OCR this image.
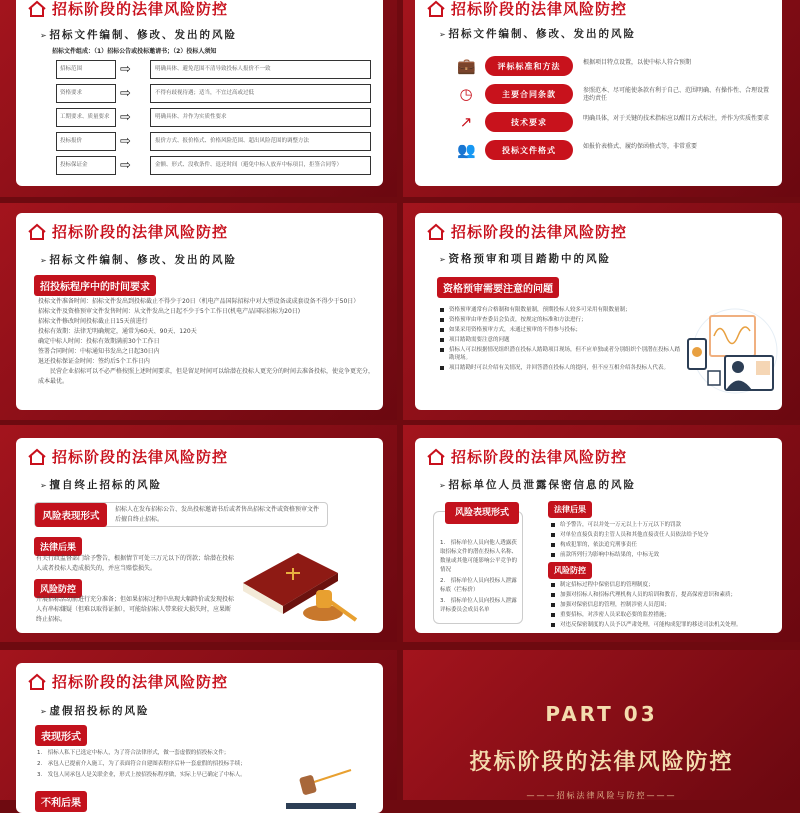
招标阶段的法律风险防控
➢ 招标文件编制、修改、发出的风险
招标文件组成：（1）招标公告或投标邀请书；（2）投标人须知
招标范围	⇨	明确具体、避免范围不清导致投标人报价不一致
资格要求	⇨	不得有歧视待遇；适当，不宜过高或过低
工期要求、质量要求 ⇨	明确具体、并作为实质性要求
投标报价	⇨	报价方式、报价格式、价格风险范围、超出风险范围的调整方法
投标保证金	⇨	金额、形式、没收条件、退还时间（避免中标人放弃中标项目，拒签合同等）
招标阶段的法律风险防控
➢ 招标文件编制、修改、发出的风险
💼	评标标准和方法	根据项目特点设置，以使中标人符合预期
◷	主要合同条款	参照范本、尽可能使条款有利于自己、范围明确、有操作性、合理设置违约责任
↗	技术要求	明确具体，对于关键的技术指标应以醒目方式标注，并作为实质性要求
👥	投标文件格式	如报价表格式、履约保函格式等，非常重要
招标阶段的法律风险防控
➢ 招标文件编制、修改、发出的风险
招投标程序中的时间要求
投标文件准备时间：招标文件发出到投标截止不得少于20日（机电产品国际招标中对大型设备或成套设备不得少于50日）
招标文件及资格预审文件发售时间：从文件发出之日起不少于5个工作日(机电产品国际招标为20日)
招标文件修改时间投标截止日15天前进行
投标有效期：法律无明确规定，通常为60天、90天、120天
确定中标人时间：投标有效期满前30个工作日
签署合同时间：中标通知书发出之日起30日内
退还投标保证金时间：签约后5个工作日内
　　民营企业招标可以不必严格按照上述时间要求，但是留足时间可以给潜在投标人更充分的时间去准备投标，使竞争更充分，成本最优。
招标阶段的法律风险防控
➢ 资格预审和项目踏勘中的风险
资格预审需要注意的问题
资格预审通常有合格制和有限数量制，预期投标人较多可采用有限数量制；
资格预审由审查委员会负责，按规定的标准和方法进行；
如果采用资格预审方式，未通过预审的不得参与投标；
项目踏勘需要注意的问题
招标人可以根据情况组织潜在投标人踏勘项目现场，但不应单独或者分别组织个别潜在投标人踏勘现场。
项目踏勘时可以介绍有关情况，并回答潜在投标人的提问，但不应互相介绍各投标人代表。
招标阶段的法律风险防控
➢ 擅自终止招标的风险
风险表现形式
招标人在发布招标公告、发出投标邀请书后或者售出招标文件或资格预审文件后擅自终止招标。
法律后果
有关行政监督部门给予警告，根据情节可处三万元以下的罚款；给潜在投标人或者投标人造成损失的，并应当赔偿损失。
风险防控
开展招标活动前进行充分准备；但如果招标过程中出现大幅降价或发现投标人有串标嫌疑（但难以取得证据），可能给招标人带来较大损失时，应果断终止招标。
招标阶段的法律风险防控
➢ 招标单位人员泄露保密信息的风险
1.　招标单位人员向他人透露获取招标文件的潜在投标人名称、数量或其他可能影响公平竞争的情况
2.　招标单位人员向投标人泄露标底（拦标价）
3.　招标单位人员向投标人泄露评标委员会成员名单
风险表现形式	法律后果
给予警告，可以并处一万元以上十万元以下的罚款
对单位直接负责的主管人员和其他直接责任人员依法给予处分
构成犯罪的，依法追究刑事责任
前款所列行为影响中标结果的，中标无效
风险防控
制定招标过程中保密信息的管理制度；
加强对招标人和招标代理机构人员的培训和教育，提高保密意识和素质；
加强对保密信息的管理，控制涉密人员范围；
重要招标，对涉密人员采取必要的监控措施；
对违反保密制度的人员予以严肃处理，可能构成犯罪的移送司法机关处理。
招标阶段的法律风险防控
➢ 虚假招投标的风险
表现形式
1.　招标人私下已选定中标人，为了符合法律形式，做一套虚假的招投标文件；
2.　承包人已提前介入施工，为了表面符合自建图表程序后补一套虚假的招投标手续；
3.　发包人同承包人是关联企业，形式上按招投标程序做，实际上早已确定了中标人。
不利后果
PART 03
投标阶段的法律风险防控
———招标法律风险与防控———
